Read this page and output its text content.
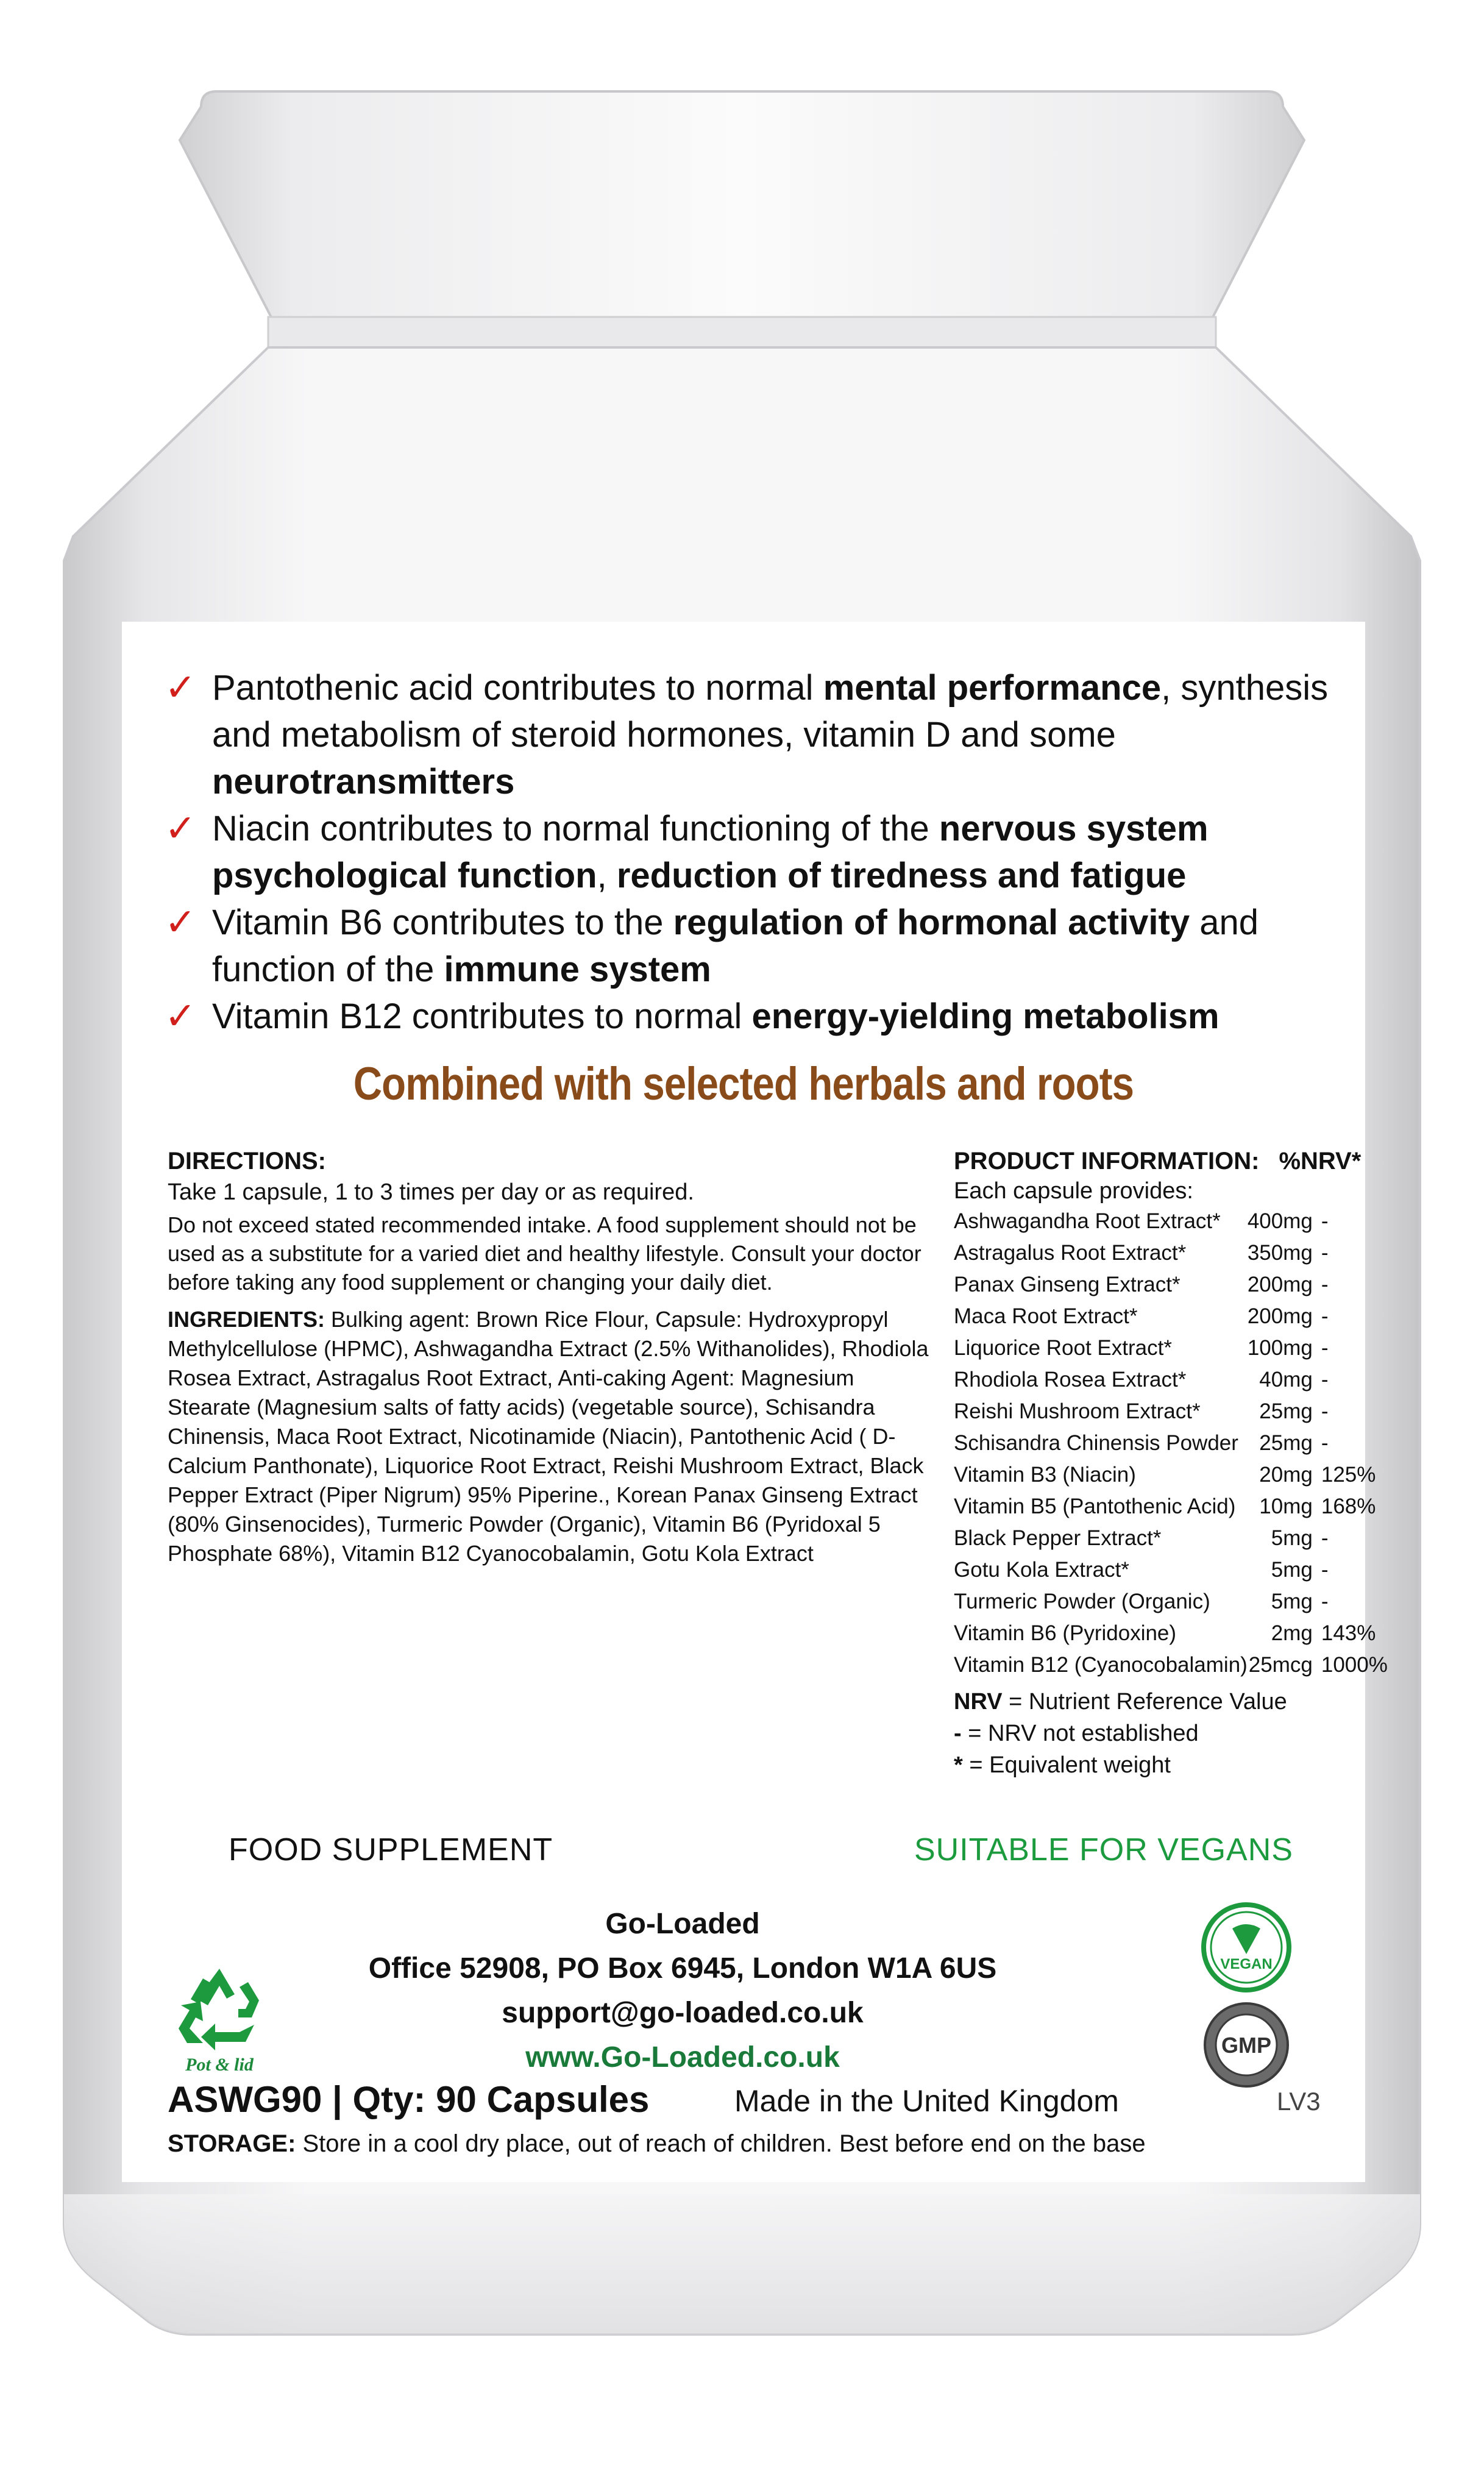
✓ Pantothenic acid contributes to normal mental performance, synthesis and metabolism of steroid hormones, vitamin D and some neurotransmitters
✓ Niacin contributes to normal functioning of the nervous system psychological function, reduction of tiredness and fatigue
✓ Vitamin B6 contributes to the regulation of hormonal activity and function of the immune system
✓ Vitamin B12 contributes to normal energy-yielding metabolism
Combined with selected herbals and roots
DIRECTIONS:

Take 1 capsule, 1 to 3 times per day or as required.

Do not exceed stated recommended intake. A food supplement should not be used as a substitute for a varied diet and healthy lifestyle. Consult your doctor before taking any food supplement or changing your daily diet.

INGREDIENTS: Bulking agent: Brown Rice Flour, Capsule: Hydroxypropyl Methylcellulose (HPMC), Ashwagandha Extract (2.5% Withanolides), Rhodiola Rosea Extract, Astragalus Root Extract, Anti-caking Agent: Magnesium Stearate (Magnesium salts of fatty acids) (vegetable source), Schisandra Chinensis, Maca Root Extract, Nicotinamide (Niacin), Pantothenic Acid ( D-Calcium Panthonate), Liquorice Root Extract, Reishi Mushroom Extract, Black Pepper Extract (Piper Nigrum) 95% Piperine., Korean Panax Ginseng Extract (80% Ginsenocides), Turmeric Powder (Organic), Vitamin B6 (Pyridoxal 5 Phosphate 68%), Vitamin B12 Cyanocobalamin, Gotu Kola Extract

PRODUCT INFORMATION: %NRV*
Each capsule provides:
Ashwagandha Root Extract*	400mg	-
Astragalus Root Extract*	350mg	-
Panax Ginseng Extract*	200mg	-
Maca Root Extract*	200mg	-
Liquorice Root Extract*	100mg	-
Rhodiola Rosea Extract*	40mg	-
Reishi Mushroom Extract*	25mg	-
Schisandra Chinensis Powder	25mg	-
Vitamin B3 (Niacin)	20mg	125%
Vitamin B5 (Pantothenic Acid)	10mg	168%
Black Pepper Extract*	5mg	-
Gotu Kola Extract*	5mg	-
Turmeric Powder (Organic)	5mg	-
Vitamin B6 (Pyridoxine)	2mg	143%
Vitamin B12 (Cyanocobalamin)	25mcg	1000%
NRV = Nutrient Reference Value
- = NRV not established
* = Equivalent weight
FOOD SUPPLEMENT	SUITABLE FOR VEGANS
Go-Loaded
Office 52908, PO Box 6945, London W1A 6US
support@go-loaded.co.uk
www.Go-Loaded.co.uk
Pot & lid
VEGAN
GMP
ASWG90 | Qty: 90 Capsules	Made in the United Kingdom	LV3
STORAGE: Store in a cool dry place, out of reach of children. Best before end on the base
